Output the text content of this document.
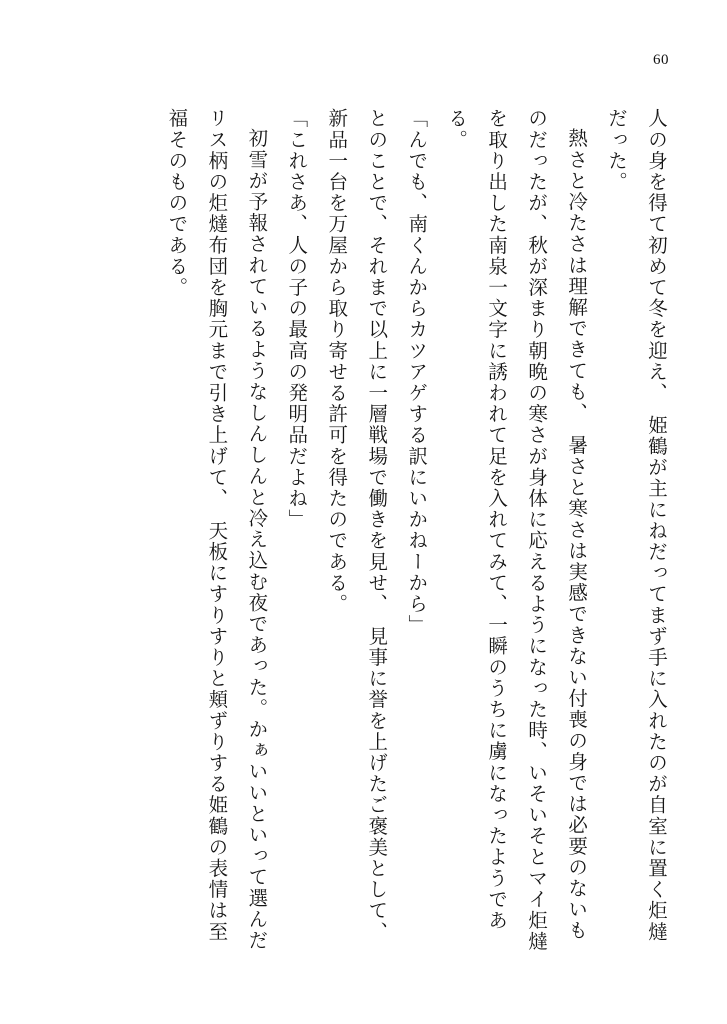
60

人の身を得て初めて冬を迎え、　姫鶴が主にねだってまず手に入れたのが自室に置く炬燵だった。

熱さと冷たさは理解できても、　暑さと寒さは実感できない付喪の身では必要のないものだったが、秋が深まり朝晩の寒さが身体に応えるようになった時、いそいそとマイ炬燵を取り出した南泉一文字に誘われて足を入れてみて、一瞬のうちに虜になったようである。

「んでも、南くんからカツアゲする訳にいかねーから」

とのことで、それまで以上に一層戦場で働きを見せ、　見事に誉を上げたご褒美として、新品一台を万屋から取り寄せる許可を得たのである。

「これさあ、人の子の最高の発明品だよね」

初雪が予報されているようなしんしんと冷え込む夜であった。かぁいいといって選んだリス柄の炬燵布団を胸元まで引き上げて、　天板にすりすりと頬ずりする姫鶴の表情は至福そのものである。
